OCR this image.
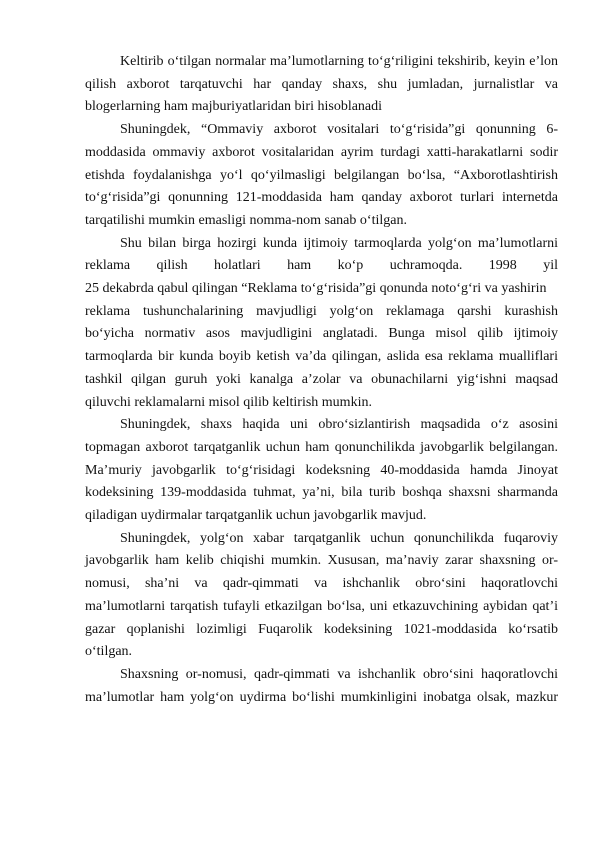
Keltirib o‘tilgan normalar ma’lumotlarning to‘g‘riligini tekshirib, keyin e’lon
qilish axborot tarqatuvchi har qanday shaxs, shu jumladan, jurnalistlar va
blogerlarning ham majburiyatlaridan biri hisoblanadi
Shuningdek, “Ommaviy axborot vositalari to‘g‘risida”gi qonunning 6-
moddasida ommaviy axborot vositalaridan ayrim turdagi xatti-harakatlarni sodir
etishda foydalanishga yo‘l qo‘yilmasligi belgilangan bo‘lsa, “Axborotlashtirish
to‘g‘risida”gi qonunning 121-moddasida ham qanday axborot turlari internetda
tarqatilishi mumkin emasligi nomma-nom sanab o‘tilgan.
Shu bilan birga hozirgi kunda ijtimoiy tarmoqlarda yolg‘on ma’lumotlarni
reklama qilish holatlari ham ko‘p uchramoqda. 1998 yil
25 dekabrda qabul qilingan “Reklama to‘g‘risida”gi qonunda noto‘g‘ri va yashirin
reklama tushunchalarining mavjudligi yolg‘on reklamaga qarshi kurashish
bo‘yicha normativ asos mavjudligini anglatadi. Bunga misol qilib ijtimoiy
tarmoqlarda bir kunda boyib ketish va’da qilingan, aslida esa reklama mualliflari
tashkil qilgan guruh yoki kanalga a’zolar va obunachilarni yig‘ishni maqsad
qiluvchi reklamalarni misol qilib keltirish mumkin.
Shuningdek, shaxs haqida uni obro‘sizlantirish maqsadida o‘z asosini
topmagan axborot tarqatganlik uchun ham qonunchilikda javobgarlik belgilangan.
Ma’muriy javobgarlik to‘g‘risidagi kodeksning 40-moddasida hamda Jinoyat
kodeksining 139-moddasida tuhmat, ya’ni, bila turib boshqa shaxsni sharmanda
qiladigan uydirmalar tarqatganlik uchun javobgarlik mavjud.
Shuningdek, yolg‘on xabar tarqatganlik uchun qonunchilikda fuqaroviy
javobgarlik ham kelib chiqishi mumkin. Xususan, ma’naviy zarar shaxsning or-
nomusi, sha’ni va qadr-qimmati va ishchanlik obro‘sini haqoratlovchi
ma’lumotlarni tarqatish tufayli etkazilgan bo‘lsa, uni etkazuvchining aybidan qat’i
gazar qoplanishi lozimligi Fuqarolik kodeksining 1021-moddasida ko‘rsatib
o‘tilgan.
Shaxsning or-nomusi, qadr-qimmati va ishchanlik obro‘sini haqoratlovchi
ma’lumotlar ham yolg‘on uydirma bo‘lishi mumkinligini inobatga olsak, mazkur
